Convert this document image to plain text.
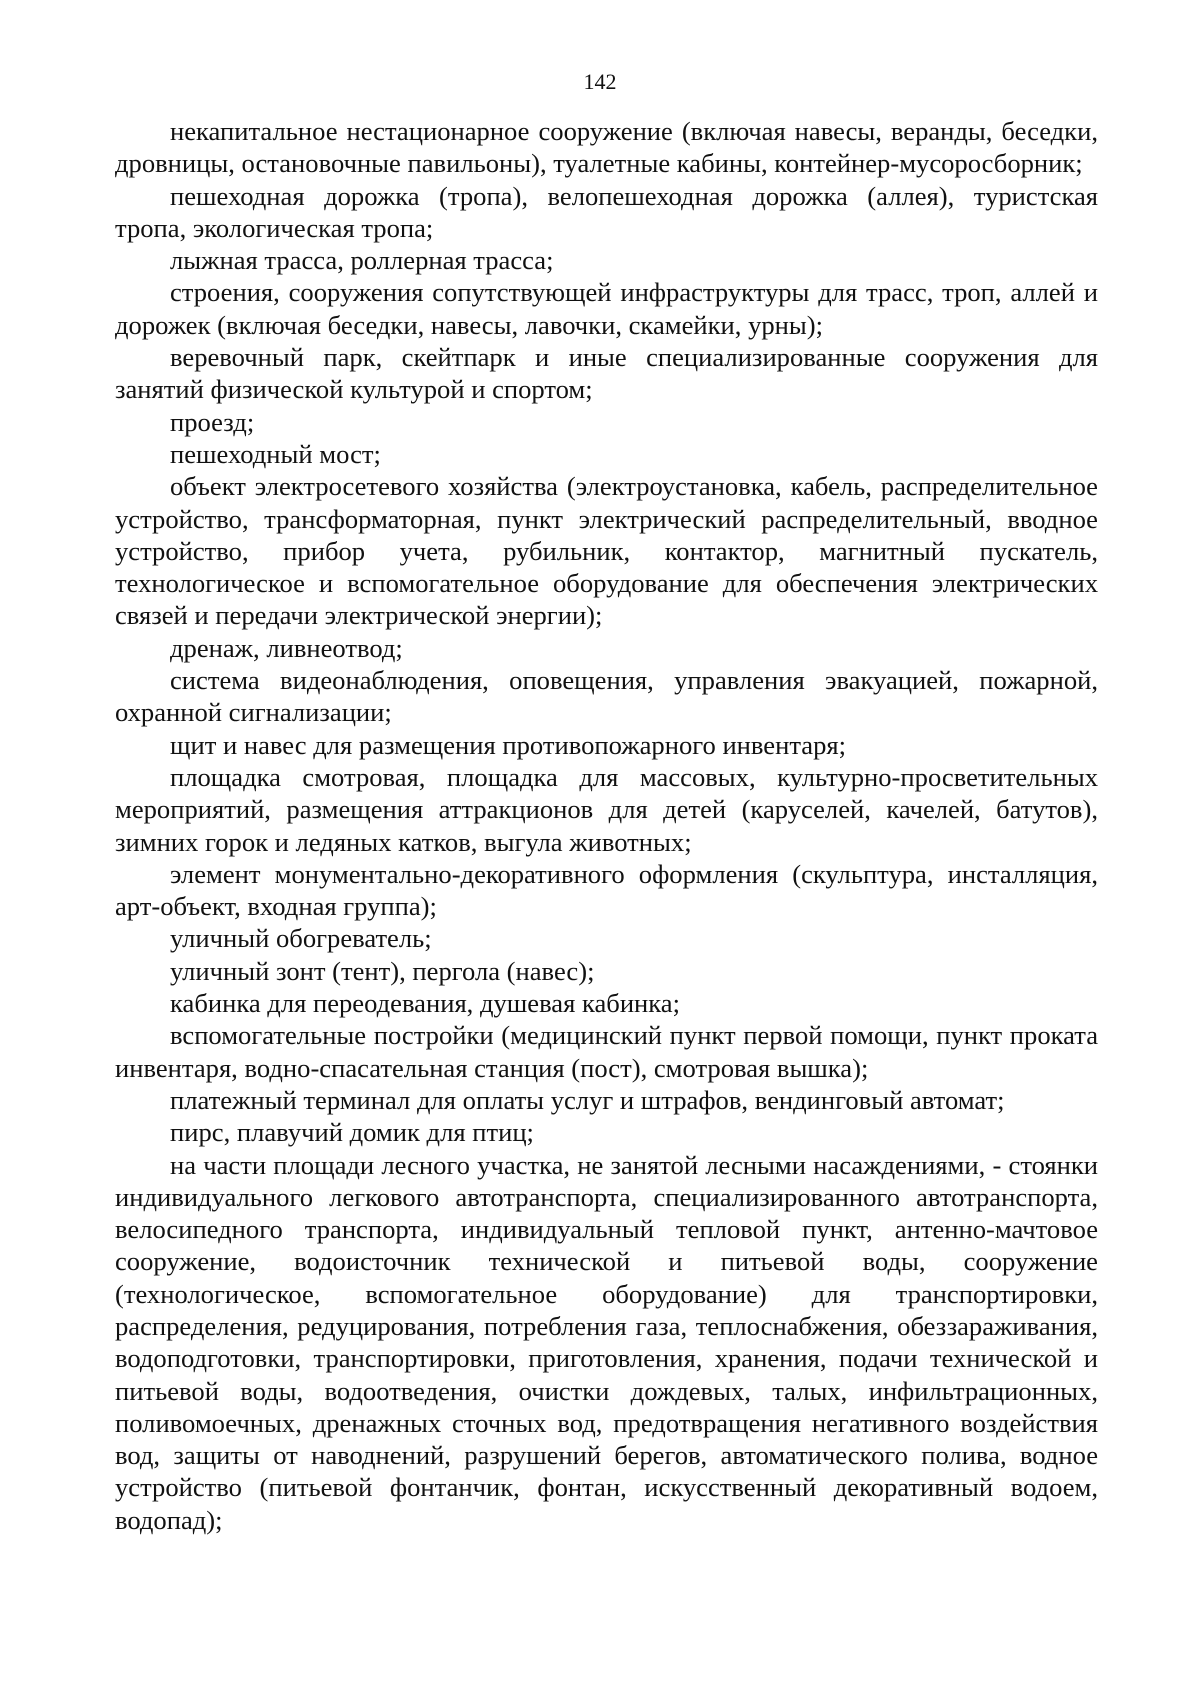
142

некапитальное нестационарное сооружение (включая навесы, веранды, беседки, дровницы, остановочные павильоны), туалетные кабины, контейнер-мусоросборник;

пешеходная дорожка (тропа), велопешеходная дорожка (аллея), туристская тропа, экологическая тропа;

лыжная трасса, роллерная трасса;

строения, сооружения сопутствующей инфраструктуры для трасс, троп, аллей и дорожек (включая беседки, навесы, лавочки, скамейки, урны);

веревочный парк, скейтпарк и иные специализированные сооружения для занятий физической культурой и спортом;

проезд;

пешеходный мост;

объект электросетевого хозяйства (электроустановка, кабель, распределительное устройство, трансформаторная, пункт электрический распределительный, вводное устройство, прибор учета, рубильник, контактор, магнитный пускатель, технологическое и вспомогательное оборудование для обеспечения электрических связей и передачи электрической энергии);

дренаж, ливнеотвод;

система видеонаблюдения, оповещения, управления эвакуацией, пожарной, охранной сигнализации;

щит и навес для размещения противопожарного инвентаря;

площадка смотровая, площадка для массовых, культурно-просветительных мероприятий, размещения аттракционов для детей (каруселей, качелей, батутов), зимних горок и ледяных катков, выгула животных;

элемент монументально-декоративного оформления (скульптура, инсталляция, арт-объект, входная группа);

уличный обогреватель;

уличный зонт (тент), пергола (навес);

кабинка для переодевания, душевая кабинка;

вспомогательные постройки (медицинский пункт первой помощи, пункт проката инвентаря, водно-спасательная станция (пост), смотровая вышка);

платежный терминал для оплаты услуг и штрафов, вендинговый автомат;

пирс, плавучий домик для птиц;

на части площади лесного участка, не занятой лесными насаждениями, - стоянки индивидуального легкового автотранспорта, специализированного автотранспорта, велосипедного транспорта, индивидуальный тепловой пункт, антенно-мачтовое сооружение, водоисточник технической и питьевой воды, сооружение (технологическое, вспомогательное оборудование) для транспортировки, распределения, редуцирования, потребления газа, теплоснабжения, обеззараживания, водоподготовки, транспортировки, приготовления, хранения, подачи технической и питьевой воды, водоотведения, очистки дождевых, талых, инфильтрационных, поливомоечных, дренажных сточных вод, предотвращения негативного воздействия вод, защиты от наводнений, разрушений берегов, автоматического полива, водное устройство (питьевой фонтанчик, фонтан, искусственный декоративный водоем, водопад);
